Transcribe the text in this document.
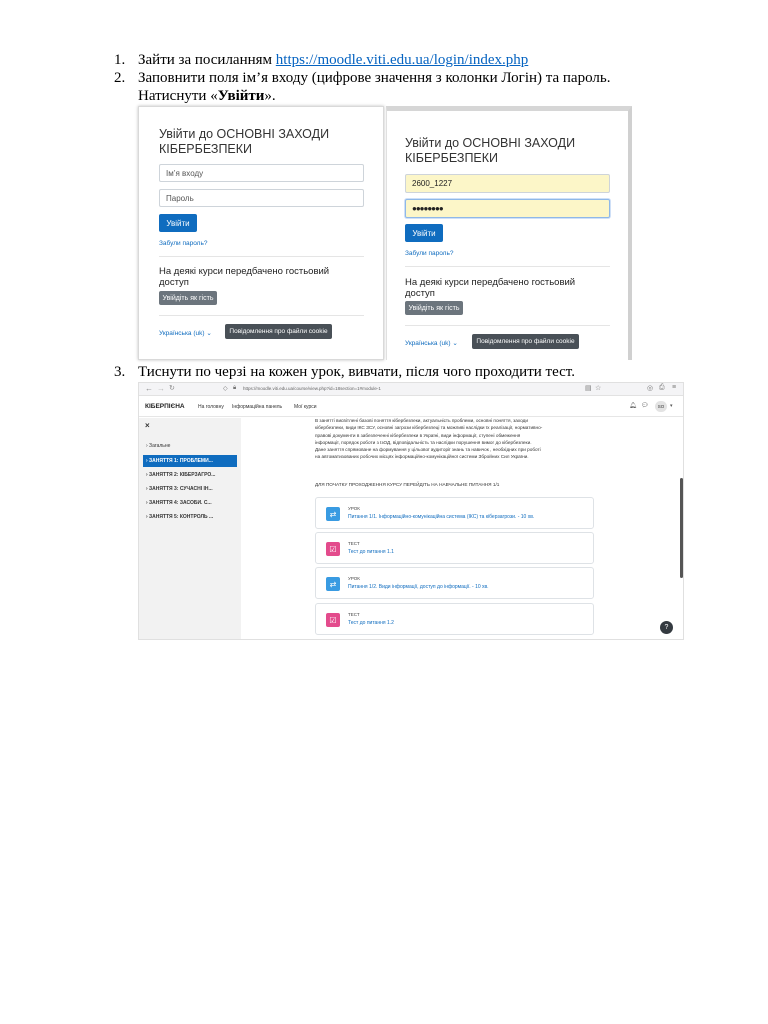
1. Зайти за посиланням https://moodle.viti.edu.ua/login/index.php
2. Заповнити поля ім’я входу (цифрове значення з колонки Логін) та пароль.
Натиснути «Увійти».
Увійти до ОСНОВНІ ЗАХОДИ
КІБЕРБЕЗПЕКИ
Ім’я входу
Пароль
Увійти
Забули пароль?
На деякі курси передбачено гостьовий
доступ
Увійдіть як гість
Українська (uk) ⌄	Повідомлення про файли cookie
Увійти до ОСНОВНІ ЗАХОДИ
КІБЕРБЕЗПЕКИ
2600_1227
●●●●●●●●
Увійти
Забули пароль?
На деякі курси передбачено гостьовий
доступ
Увійдіть як гість
Українська (uk) ⌄	Повідомлення про файли cookie
3. Тиснути по черзі на кожен урок, вивчати, після чого проходити тест.
← → ↻	◇ 🔒︎ https://moodle.viti.edu.ua/course/view.php?id=18section=1#module-1	▤ ☆	◎ ⎙ ≡
КІБЕРПІЄНА	На головну Інформаційна панель Мої курси	🔔︎ 💬︎	SO	▾
×
› Загальне
› ЗАНЯТТЯ 1: ПРОБЛЕМИ...
› ЗАНЯТТЯ 2: КІБЕРЗАГРО...
› ЗАНЯТТЯ 3: СУЧАСНІ ІН...
› ЗАНЯТТЯ 4: ЗАСОБИ. С...
› ЗАНЯТТЯ 5: КОНТРОЛЬ ...
В занятті висвітлені базові поняття кібербезпеки, актуальність проблеми, основні поняття, заходи
кібербезпеки, види ІКС ЗСУ, основні загрози кібербезпеці та можливі наслідки їх реалізації, нормативно-
правові документи в забезпеченні кібербезпеки в Україні, види інформації, ступені обмеження
інформації, порядок роботи з ІзОД, відповідальність та наслідки порушення вимог до кібербезпеки.
Дане заняття спрямоване на формування у цільової аудиторії знань та навичок , необхідних при роботі
на автоматизованих робочих місцях інформаційно-комунікаційної системи Збройних Сил України.
ДЛЯ ПОЧАТКУ ПРОХОДЖЕННЯ КУРСУ ПЕРЕЙДІТЬ НА НАВЧАЛЬНЕ ПИТАННЯ 1/1
⇄
УРОК
Питання 1/1. Інформаційно-комунікаційна система (ІКС) та кіберзагрози. - 10 хв.
☑
ТЕСТ
Тест до питання 1.1
⇄
УРОК
Питання 1/2. Види інформації, доступ до інформації. - 10 хв.
☑
ТЕСТ
Тест до питання 1.2
?
